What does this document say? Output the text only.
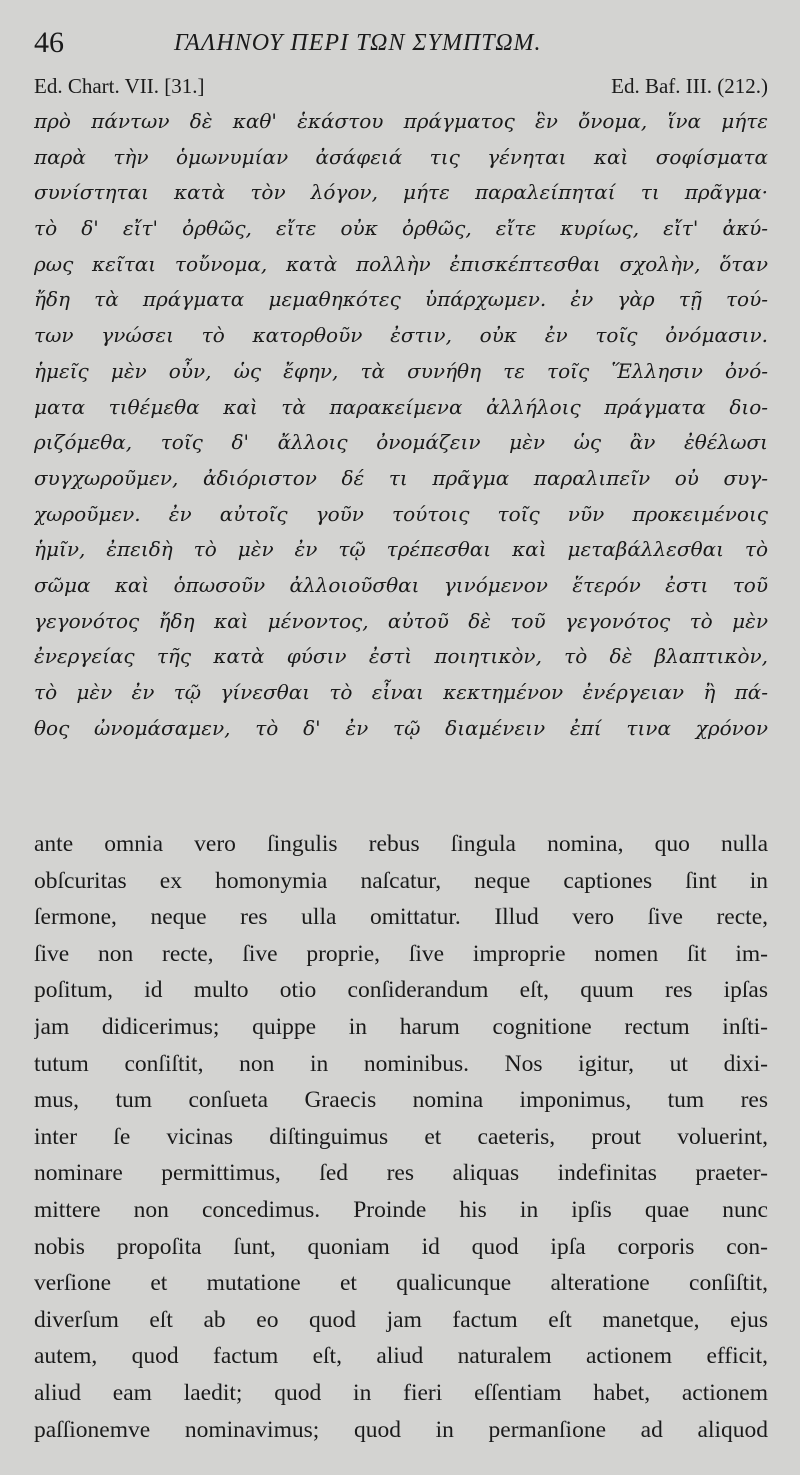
46	ΓΑΛΗΝΟΥ ΠΕΡΙ ΤΩΝ ΣΥΜΠΤΩΜ.
Ed. Chart. VII. [31.]	Ed. Baf. III. (212.)
πρὸ πάντων δὲ καθ' ἑκάστου πράγματος ἓν ὄνομα, ἵνα μήτε
παρὰ τὴν ὁμωνυμίαν ἀσάφειά τις γένηται καὶ σοφίσματα
συνίστηται κατὰ τὸν λόγον, μήτε παραλείπηταί τι πρᾶγμα·
τὸ δ' εἴτ' ὀρθῶς, εἴτε οὐκ ὀρθῶς, εἴτε κυρίως, εἴτ' ἀκύ-
ρως κεῖται τοὔνομα, κατὰ πολλὴν ἐπισκέπτεσθαι σχολὴν, ὅταν
ἤδη τὰ πράγματα μεμαθηκότες ὑπάρχωμεν. ἐν γὰρ τῇ τού-
των γνώσει τὸ κατορθοῦν ἐστιν, οὐκ ἐν τοῖς ὀνόμασιν.
ἡμεῖς μὲν οὖν, ὡς ἔφην, τὰ συνήθη τε τοῖς Ἕλλησιν ὀνό-
ματα τιθέμεθα καὶ τὰ παρακείμενα ἀλλήλοις πράγματα διο-
ριζόμεθα, τοῖς δ' ἄλλοις ὀνομάζειν μὲν ὡς ἂν ἐθέλωσι
συγχωροῦμεν, ἀδιόριστον δέ τι πρᾶγμα παραλιπεῖν οὐ συγ-
χωροῦμεν. ἐν αὐτοῖς γοῦν τούτοις τοῖς νῦν προκειμένοις
ἡμῖν, ἐπειδὴ τὸ μὲν ἐν τῷ τρέπεσθαι καὶ μεταβάλλεσθαι τὸ
σῶμα καὶ ὁπωσοῦν ἀλλοιοῦσθαι γινόμενον ἕτερόν ἐστι τοῦ
γεγονότος ἤδη καὶ μένοντος, αὐτοῦ δὲ τοῦ γεγονότος τὸ μὲν
ἐνεργείας τῆς κατὰ φύσιν ἐστὶ ποιητικὸν, τὸ δὲ βλαπτικὸν,
τὸ μὲν ἐν τῷ γίνεσθαι τὸ εἶναι κεκτημένον ἐνέργειαν ἢ πά-
θος ὠνομάσαμεν, τὸ δ' ἐν τῷ διαμένειν ἐπί τινα χρόνον
ante omnia vero ſingulis rebus ſingula nomina, quo nulla
obſcuritas ex homonymia naſcatur, neque captiones ſint in
ſermone, neque res ulla omittatur. Illud vero ſive recte,
ſive non recte, ſive proprie, ſive improprie nomen ſit im-
poſitum, id multo otio conſiderandum eſt, quum res ipſas
jam didicerimus; quippe in harum cognitione rectum inſti-
tutum conſiſtit, non in nominibus. Nos igitur, ut dixi-
mus, tum conſueta Graecis nomina imponimus, tum res
inter ſe vicinas diſtinguimus et caeteris, prout voluerint,
nominare permittimus, ſed res aliquas indefinitas praeter-
mittere non concedimus. Proinde his in ipſis quae nunc
nobis propoſita ſunt, quoniam id quod ipſa corporis con-
verſione et mutatione et qualicunque alteratione conſiſtit,
diverſum eſt ab eo quod jam factum eſt manetque, ejus
autem, quod factum eſt, aliud naturalem actionem efficit,
aliud eam laedit; quod in fieri eſſentiam habet, actionem
paſſionemve nominavimus; quod in permanſione ad aliquod
